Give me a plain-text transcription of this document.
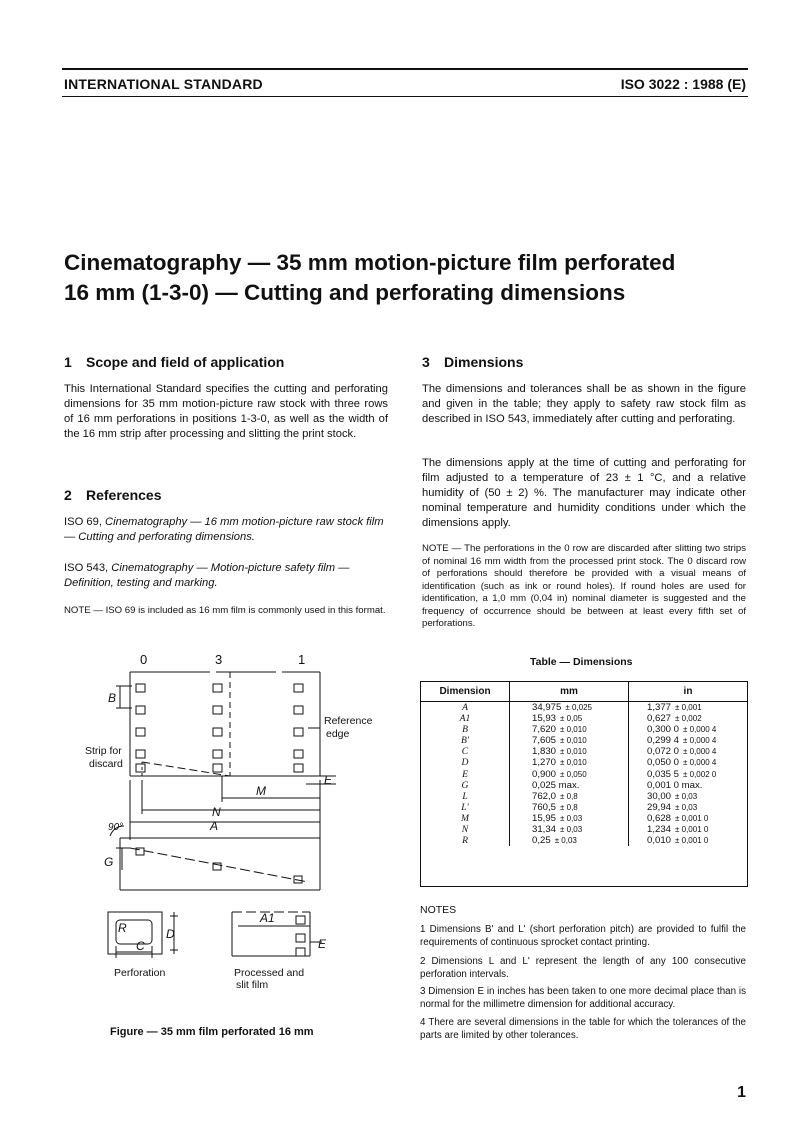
INTERNATIONAL STANDARD	ISO 3022 : 1988 (E)
Cinematography — 35 mm motion-picture film perforated
16 mm (1-3-0) — Cutting and perforating dimensions
1 Scope and field of application
This International Standard specifies the cutting and perforating dimensions for 35 mm motion-picture raw stock with three rows of 16 mm perforations in positions 1-3-0, as well as the width of the 16 mm strip after processing and slitting the print stock.
2 References
ISO 69, Cinematography — 16 mm motion-picture raw stock film — Cutting and perforating dimensions.
ISO 543, Cinematography — Motion-picture safety film — Definition, testing and marking.
NOTE — ISO 69 is included as 16 mm film is commonly used in this format.
3 Dimensions
The dimensions and tolerances shall be as shown in the figure and given in the table; they apply to safety raw stock film as described in ISO 543, immediately after cutting and perforating.
The dimensions apply at the time of cutting and perforating for film adjusted to a temperature of 23 ± 1 °C, and a relative humidity of (50 ± 2) %. The manufacturer may indicate other nominal temperature and humidity conditions under which the dimensions apply.
NOTE — The perforations in the 0 row are discarded after slitting two strips of nominal 16 mm width from the processed print stock. The 0 discard row of perforations should therefore be provided with a visual means of identification (such as ink or round holes). If round holes are used for identification, a 1,0 mm (0,04 in) nominal diameter is suggested and the frequency of occurrence should be between at least every fifth set of perforations.
0	3	1
Reference
edge
Strip for
discard
B
E
M
N
A
90°
G
R	D
C
A1
E
Perforation	Processed and
slit film
Figure — 35 mm film perforated 16 mm
Table — Dimensions
Dimension	mm	in
A	34,975 ± 0,025	1,377 ± 0,001
A1	15,93 ± 0,05	0,627 ± 0,002
B	7,620 ± 0,010	0,300 0 ± 0,000 4
B'	7,605 ± 0,010	0,299 4 ± 0,000 4
C	1,830 ± 0,010	0,072 0 ± 0,000 4
D	1,270 ± 0,010	0,050 0 ± 0,000 4
E	0,900 ± 0,050	0,035 5 ± 0,002 0
G	0,025 max.	0,001 0 max.
L	762,0 ± 0,8	30,00 ± 0,03
L'	760,5 ± 0,8	29,94 ± 0,03
M	15,95 ± 0,03	0,628 ± 0,001 0
N	31,34 ± 0,03	1,234 ± 0,001 0
R	0,25 ± 0,03	0,010 ± 0,001 0
NOTES
1 Dimensions B' and L' (short perforation pitch) are provided to fulfil the requirements of continuous sprocket contact printing.
2 Dimensions L and L' represent the length of any 100 consecutive perforation intervals.
3 Dimension E in inches has been taken to one more decimal place than is normal for the millimetre dimension for additional accuracy.
4 There are several dimensions in the table for which the tolerances of the parts are limited by other tolerances.
1
